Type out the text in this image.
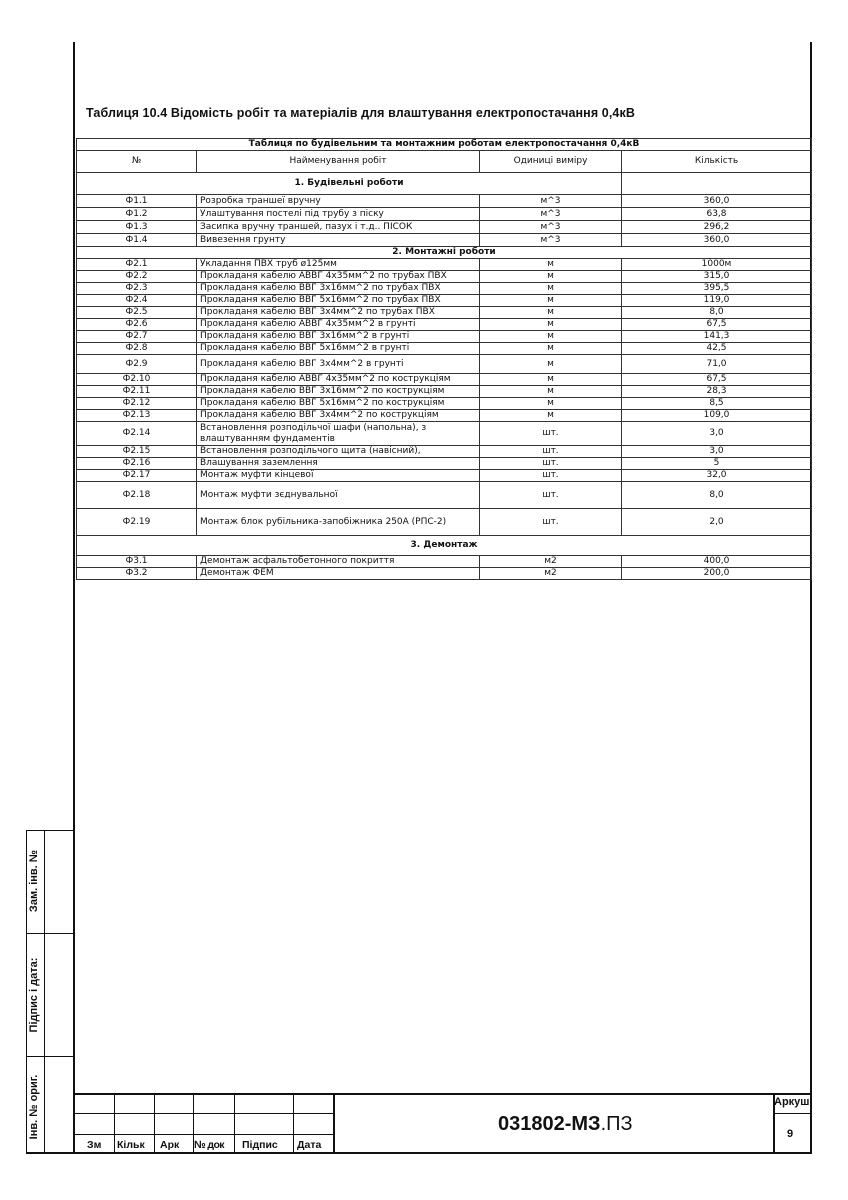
Зам. інв. №
Підпис і дата:
Інв. № ориг.
Таблиця 10.4 Відомість робіт та матеріалів для влаштування електропостачання 0,4кВ
Таблиця по будівельним та монтажним роботам електропостачання 0,4кВ			
№	Найменування робіт	Одиниці виміру	Кількість
1. Будівельні роботи			
Ф1.1	Розробка траншеї вручну	м^3	360,0
Ф1.2	Улаштування постелі під трубу з піску	м^3	63,8
Ф1.3	Засипка вручну траншей, пазух і т.д.. ПІСОК	м^3	296,2
Ф1.4	Вивезення грунту	м^3	360,0
2. Монтажні роботи			
Ф2.1	Укладання ПВХ труб ø125мм	м	1000м
Ф2.2	Прокладаня кабелю АВВГ 4х35мм^2 по трубах ПВХ	м	315,0
Ф2.3	Прокладаня кабелю ВВГ 3х16мм^2 по трубах ПВХ	м	395,5
Ф2.4	Прокладаня кабелю ВВГ 5х16мм^2 по трубах ПВХ	м	119,0
Ф2.5	Прокладаня кабелю ВВГ 3х4мм^2 по трубах ПВХ	м	8,0
Ф2.6	Прокладаня кабелю АВВГ 4х35мм^2 в грунті	м	67,5
Ф2.7	Прокладаня кабелю ВВГ 3х16мм^2 в грунті	м	141,3
Ф2.8	Прокладаня кабелю ВВГ 5х16мм^2 в грунті	м	42,5
Ф2.9	Прокладаня кабелю ВВГ 3х4мм^2 в грунті	м	71,0
Ф2.10	Прокладаня кабелю АВВГ 4х35мм^2 по кострукціям	м	67,5
Ф2.11	Прокладаня кабелю ВВГ 3х16мм^2 по кострукціям	м	28,3
Ф2.12	Прокладаня кабелю ВВГ 5х16мм^2 по кострукціям	м	8,5
Ф2.13	Прокладаня кабелю ВВГ 3х4мм^2 по кострукціям	м	109,0
Ф2.14	Встановлення розподільчої шафи (напольна), з влаштуванням фундаментів	шт.	3,0
Ф2.15	Встановлення розподільчого щита (навісний),	шт.	3,0
Ф2.16	Влашування заземлення	шт.	5
Ф2.17	Монтаж муфти кінцевої	шт.	32,0
Ф2.18	Монтаж муфти зєднувальної	шт.	8,0
Ф2.19	Монтаж блок рубільника-запобіжника 250А (РПС-2)	шт.	2,0
3. Демонтаж			
Ф3.1	Демонтаж асфальтобетонного покриття	м2	400,0
Ф3.2	Демонтаж ФЕМ	м2	200,0
Зм Кільк Арк № док Підпис Дата
031802-МЗ.ПЗ
Аркуш
9
